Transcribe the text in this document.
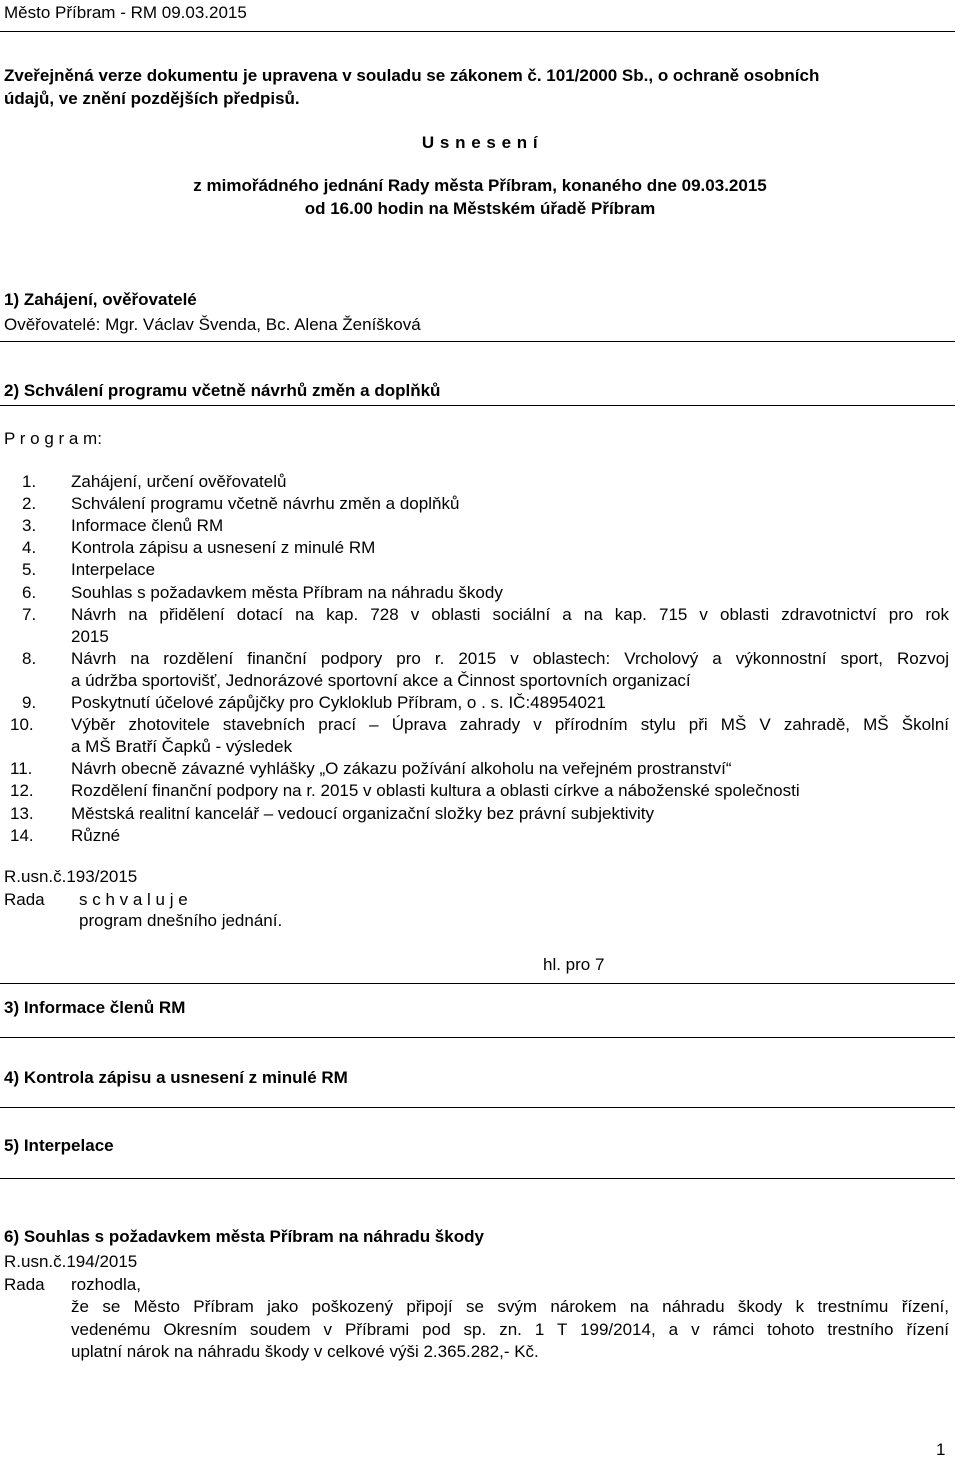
Město Příbram - RM 09.03.2015
Zveřejněná verze dokumentu je upravena v souladu se zákonem č. 101/2000 Sb., o ochraně osobních
údajů, ve znění pozdějších předpisů.
U s n e s e n í
z mimořádného jednání Rady města Příbram, konaného dne 09.03.2015
od 16.00 hodin na Městském úřadě Příbram
1) Zahájení, ověřovatelé
Ověřovatelé: Mgr. Václav Švenda, Bc. Alena Ženíšková
2) Schválení programu včetně návrhů změn a doplňků
P r o g r a m:
1. Zahájení, určení ověřovatelů
2. Schválení programu včetně návrhu změn a doplňků
3. Informace členů RM
4. Kontrola zápisu a usnesení z minulé RM
5. Interpelace
6. Souhlas s požadavkem města Příbram na náhradu škody
7. Návrh na přidělení dotací na kap. 728 v oblasti sociální a na kap. 715 v oblasti zdravotnictví pro rok
2015
8. Návrh na rozdělení finanční podpory pro r. 2015 v oblastech: Vrcholový a výkonnostní sport, Rozvoj
a údržba sportovišť, Jednorázové sportovní akce a Činnost sportovních organizací
9. Poskytnutí účelové zápůjčky pro Cykloklub Příbram, o . s. IČ:48954021
10. Výběr zhotovitele stavebních prací – Úprava zahrady v přírodním stylu při MŠ V zahradě, MŠ Školní
a MŠ Bratří Čapků - výsledek
11. Návrh obecně závazné vyhlášky „O zákazu požívání alkoholu na veřejném prostranství“
12. Rozdělení finanční podpory na r. 2015 v oblasti kultura a oblasti církve a náboženské společnosti
13. Městská realitní kancelář – vedoucí organizační složky bez právní subjektivity
14. Různé
R.usn.č.193/2015
Rada s c h v a l u j e
program dnešního jednání.
hl. pro 7
3) Informace členů RM
4) Kontrola zápisu a usnesení z minulé RM
5) Interpelace
6) Souhlas s požadavkem města Příbram na náhradu škody
R.usn.č.194/2015
Rada rozhodla,
že se Město Příbram jako poškozený připojí se svým nárokem na náhradu škody k trestnímu řízení,
vedenému Okresním soudem v Příbrami pod sp. zn. 1 T 199/2014, a v rámci tohoto trestního řízení
uplatní nárok na náhradu škody v celkové výši 2.365.282,- Kč.
1
